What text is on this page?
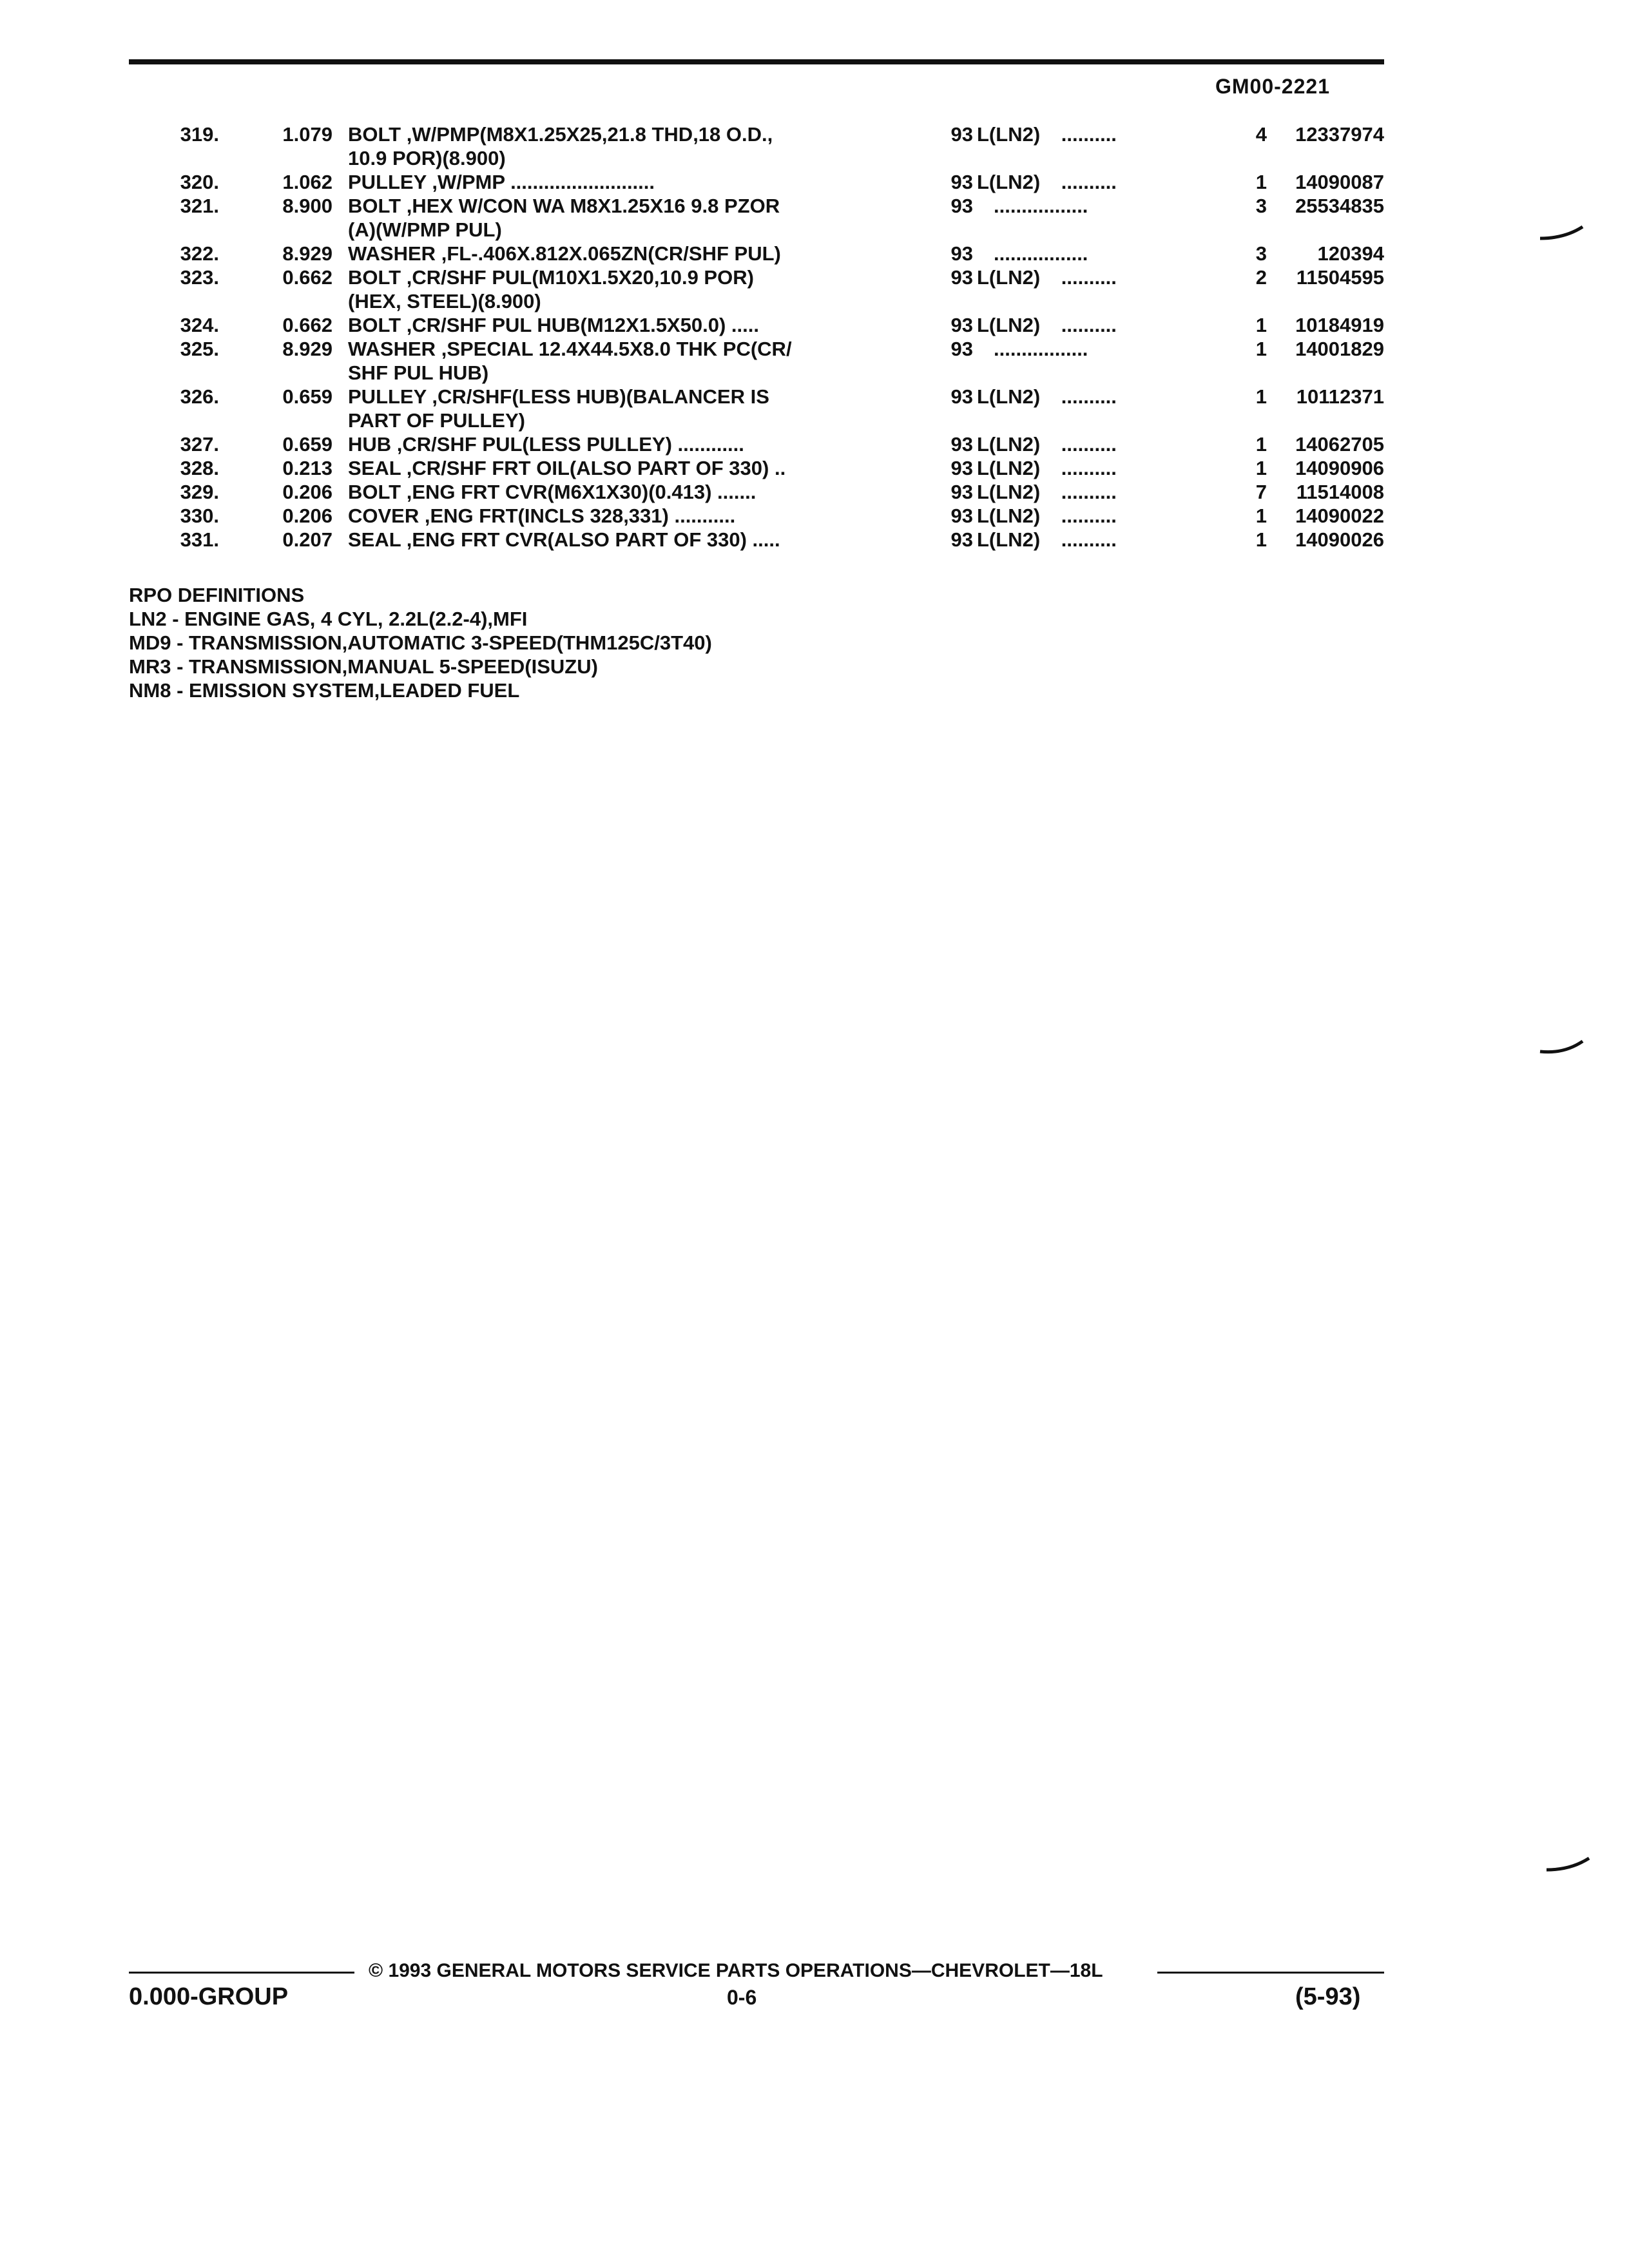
GM00-2221
319.	1.079 BOLT ,W/PMP(M8X1.25X25,21.8 THD,18 O.D.,
10.9 POR)(8.900)
93 L(LN2) ..........	4	12337974
320.	1.062 PULLEY ,W/PMP ..........................	93 L(LN2) ..........	1	14090087
321.	8.900 BOLT ,HEX W/CON WA M8X1.25X16 9.8 PZOR
(A)(W/PMP PUL)
93	.................	3	25534835
322.	8.929 WASHER ,FL-.406X.812X.065ZN(CR/SHF PUL)	93	.................	3	120394
323.	0.662 BOLT ,CR/SHF PUL(M10X1.5X20,10.9 POR)
(HEX, STEEL)(8.900)
93 L(LN2) ..........	2	11504595
324.	0.662 BOLT ,CR/SHF PUL HUB(M12X1.5X50.0) .....	93 L(LN2) ..........	1	10184919
325.	8.929 WASHER ,SPECIAL 12.4X44.5X8.0 THK PC(CR/
SHF PUL HUB)
93	.................	1	14001829
326.	0.659 PULLEY ,CR/SHF(LESS HUB)(BALANCER IS
PART OF PULLEY)
93 L(LN2) ..........	1	10112371
327.	0.659 HUB ,CR/SHF PUL(LESS PULLEY) ............	93 L(LN2) ..........	1	14062705
328.	0.213 SEAL ,CR/SHF FRT OIL(ALSO PART OF 330) ..	93 L(LN2) ..........	1	14090906
329.	0.206 BOLT ,ENG FRT CVR(M6X1X30)(0.413) .......	93 L(LN2) ..........	7	11514008
330.	0.206 COVER ,ENG FRT(INCLS 328,331) ...........	93 L(LN2) ..........	1	14090022
331.	0.207 SEAL ,ENG FRT CVR(ALSO PART OF 330) .....	93 L(LN2) ..........	1	14090026
RPO DEFINITIONS
LN2 - ENGINE GAS, 4 CYL, 2.2L(2.2-4),MFI
MD9 - TRANSMISSION,AUTOMATIC 3-SPEED(THM125C/3T40)
MR3 - TRANSMISSION,MANUAL 5-SPEED(ISUZU)
NM8 - EMISSION SYSTEM,LEADED FUEL
© 1993 GENERAL MOTORS SERVICE PARTS OPERATIONS—CHEVROLET—18L
0.000-GROUP	0-6	(5-93)
